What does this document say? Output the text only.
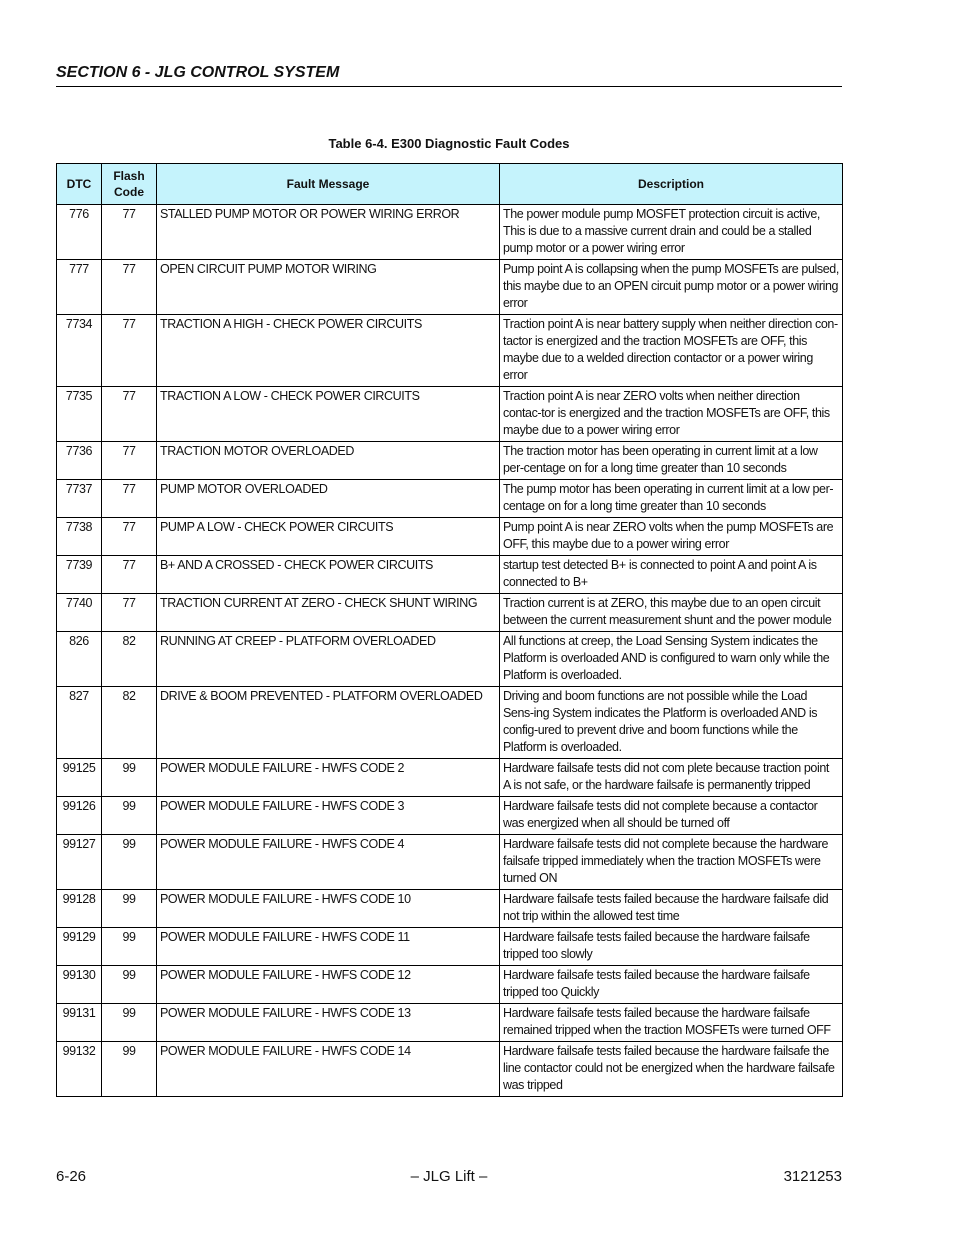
SECTION 6 - JLG CONTROL SYSTEM
Table 6-4. E300 Diagnostic Fault Codes
DTC	Flash Code	Fault Message	Description
776	77	STALLED PUMP MOTOR OR POWER WIRING ERROR	The power module pump MOSFET protection circuit is active, This is due to a massive current drain and could be a stalled pump motor or a power wiring error
777	77	OPEN CIRCUIT PUMP MOTOR WIRING	Pump point A is collapsing when the pump MOSFETs are pulsed, this maybe due to an OPEN circuit pump motor or a power wiring error
7734	77	TRACTION A HIGH - CHECK POWER CIRCUITS	Traction point A is near battery supply when neither direction con-tactor is energized and the traction MOSFETs are OFF, this maybe due to a welded direction contactor or a power wiring error
7735	77	TRACTION A LOW - CHECK POWER CIRCUITS	Traction point A is near ZERO volts when neither direction contac-tor is energized and the traction MOSFETs are OFF, this maybe due to a power wiring error
7736	77	TRACTION MOTOR OVERLOADED	The traction motor has been operating in current limit at a low per-centage on for a long time greater than 10 seconds
7737	77	PUMP MOTOR OVERLOADED	The pump motor has been operating in current limit at a low per-centage on for a long time greater than 10 seconds
7738	77	PUMP A LOW - CHECK POWER CIRCUITS	Pump point A is near ZERO volts when the pump MOSFETs are OFF, this maybe due to a power wiring error
7739	77	B+ AND A CROSSED - CHECK POWER CIRCUITS	startup test detected B+ is connected to point A and point A is connected to B+
7740	77	TRACTION CURRENT AT ZERO - CHECK SHUNT WIRING	Traction current is at ZERO, this maybe due to an open circuit between the current measurement shunt and the power module
826	82	RUNNING AT CREEP - PLATFORM OVERLOADED	All functions at creep, the Load Sensing System indicates the Platform is overloaded AND is configured to warn only while the Platform is overloaded.
827	82	DRIVE & BOOM PREVENTED - PLATFORM OVERLOADED	Driving and boom functions are not possible while the Load Sens-ing System indicates the Platform is overloaded AND is config-ured to prevent drive and boom functions while the Platform is overloaded.
99125	99	POWER MODULE FAILURE - HWFS CODE 2	Hardware failsafe tests did not com plete because traction point A is not safe, or the hardware failsafe is permanently tripped
99126	99	POWER MODULE FAILURE - HWFS CODE 3	Hardware failsafe tests did not complete because a contactor was energized when all should be turned off
99127	99	POWER MODULE FAILURE - HWFS CODE 4	Hardware failsafe tests did not complete because the hardware failsafe tripped immediately when the traction MOSFETs were turned ON
99128	99	POWER MODULE FAILURE - HWFS CODE 10	Hardware failsafe tests failed because the hardware failsafe did not trip within the allowed test time
99129	99	POWER MODULE FAILURE - HWFS CODE 11	Hardware failsafe tests failed because the hardware failsafe tripped too slowly
99130	99	POWER MODULE FAILURE - HWFS CODE 12	Hardware failsafe tests failed because the hardware failsafe tripped too Quickly
99131	99	POWER MODULE FAILURE - HWFS CODE 13	Hardware failsafe tests failed because the hardware failsafe remained tripped when the traction MOSFETs were turned OFF
99132	99	POWER MODULE FAILURE - HWFS CODE 14	Hardware failsafe tests failed because the hardware failsafe the line contactor could not be energized when the hardware failsafe was tripped
6-26	– JLG Lift –	3121253
